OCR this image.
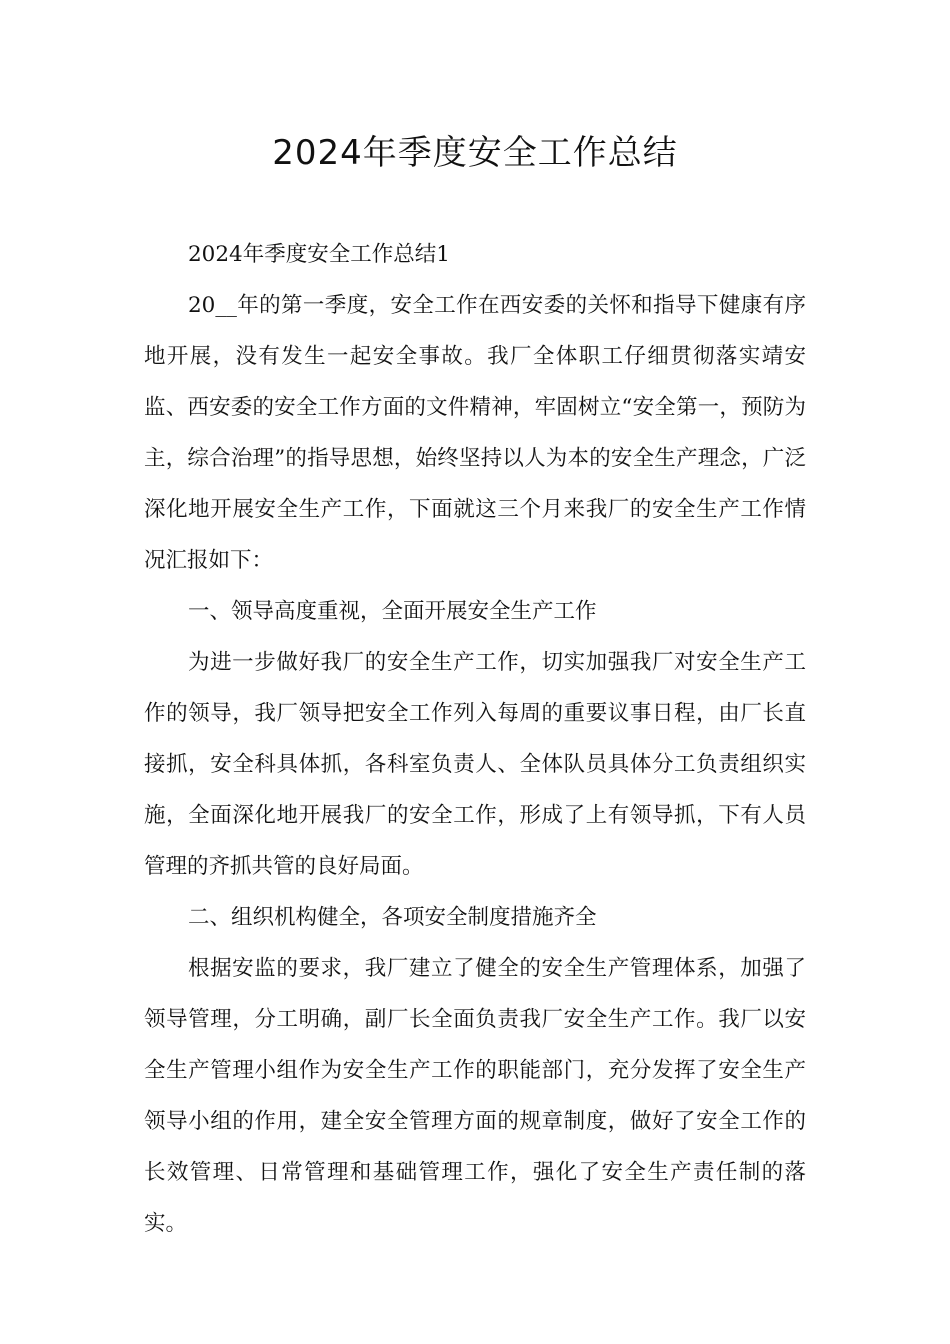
2024年季度安全工作总结

2024年季度安全工作总结1

20__年的第一季度，安全工作在西安委的关怀和指导下健康有序地开展，没有发生一起安全事故。我厂全体职工仔细贯彻落实靖安监、西安委的安全工作方面的文件精神，牢固树立“安全第一，预防为主，综合治理”的指导思想，始终坚持以人为本的安全生产理念，广泛深化地开展安全生产工作，下面就这三个月来我厂的安全生产工作情况汇报如下：

一、领导高度重视，全面开展安全生产工作

为进一步做好我厂的安全生产工作，切实加强我厂对安全生产工作的领导，我厂领导把安全工作列入每周的重要议事日程，由厂长直接抓，安全科具体抓，各科室负责人、全体队员具体分工负责组织实施，全面深化地开展我厂的安全工作，形成了上有领导抓，下有人员管理的齐抓共管的良好局面。

二、组织机构健全，各项安全制度措施齐全

根据安监的要求，我厂建立了健全的安全生产管理体系，加强了领导管理，分工明确，副厂长全面负责我厂安全生产工作。我厂以安全生产管理小组作为安全生产工作的职能部门，充分发挥了安全生产领导小组的作用，建全安全管理方面的规章制度，做好了安全工作的长效管理、日常管理和基础管理工作，强化了安全生产责任制的落实。
